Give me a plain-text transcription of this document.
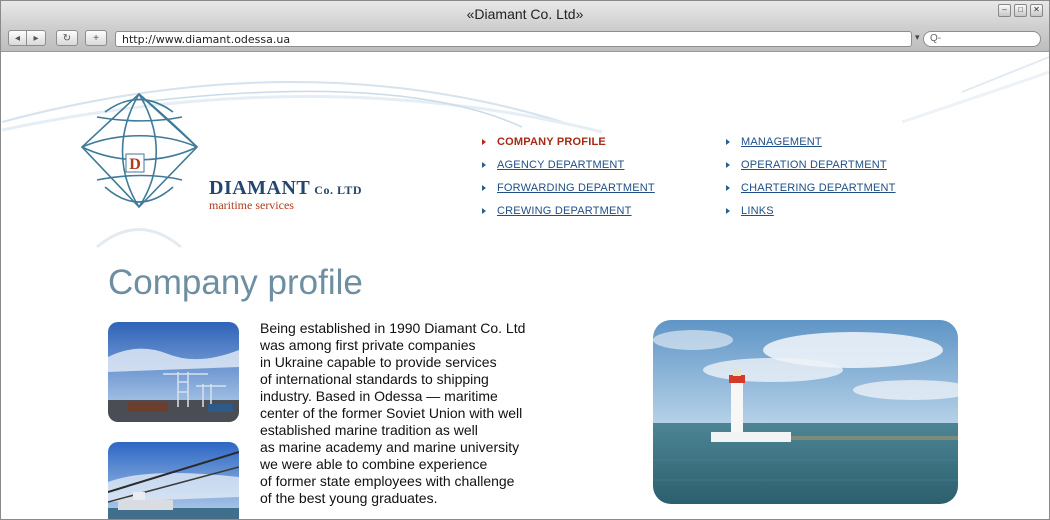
«Diamant Co. Ltd»	–	□	✕
◂	▸	↻	+	http://www.diamant.odessa.ua	▾	Q-
D
DIAMANT Co. LTD
maritime services
COMPANY PROFILE
AGENCY DEPARTMENT
FORWARDING DEPARTMENT
CREWING DEPARTMENT
MANAGEMENT
OPERATION DEPARTMENT
CHARTERING DEPARTMENT
LINKS
Company profile
Being established in 1990 Diamant Co. Ltd
was among first private companies
in Ukraine capable to provide services
of international standards to shipping
industry. Based in Odessa — maritime
center of the former Soviet Union with well
established marine tradition as well
as marine academy and marine university
we were able to combine experience
of former state employees with challenge
of the best young graduates.
